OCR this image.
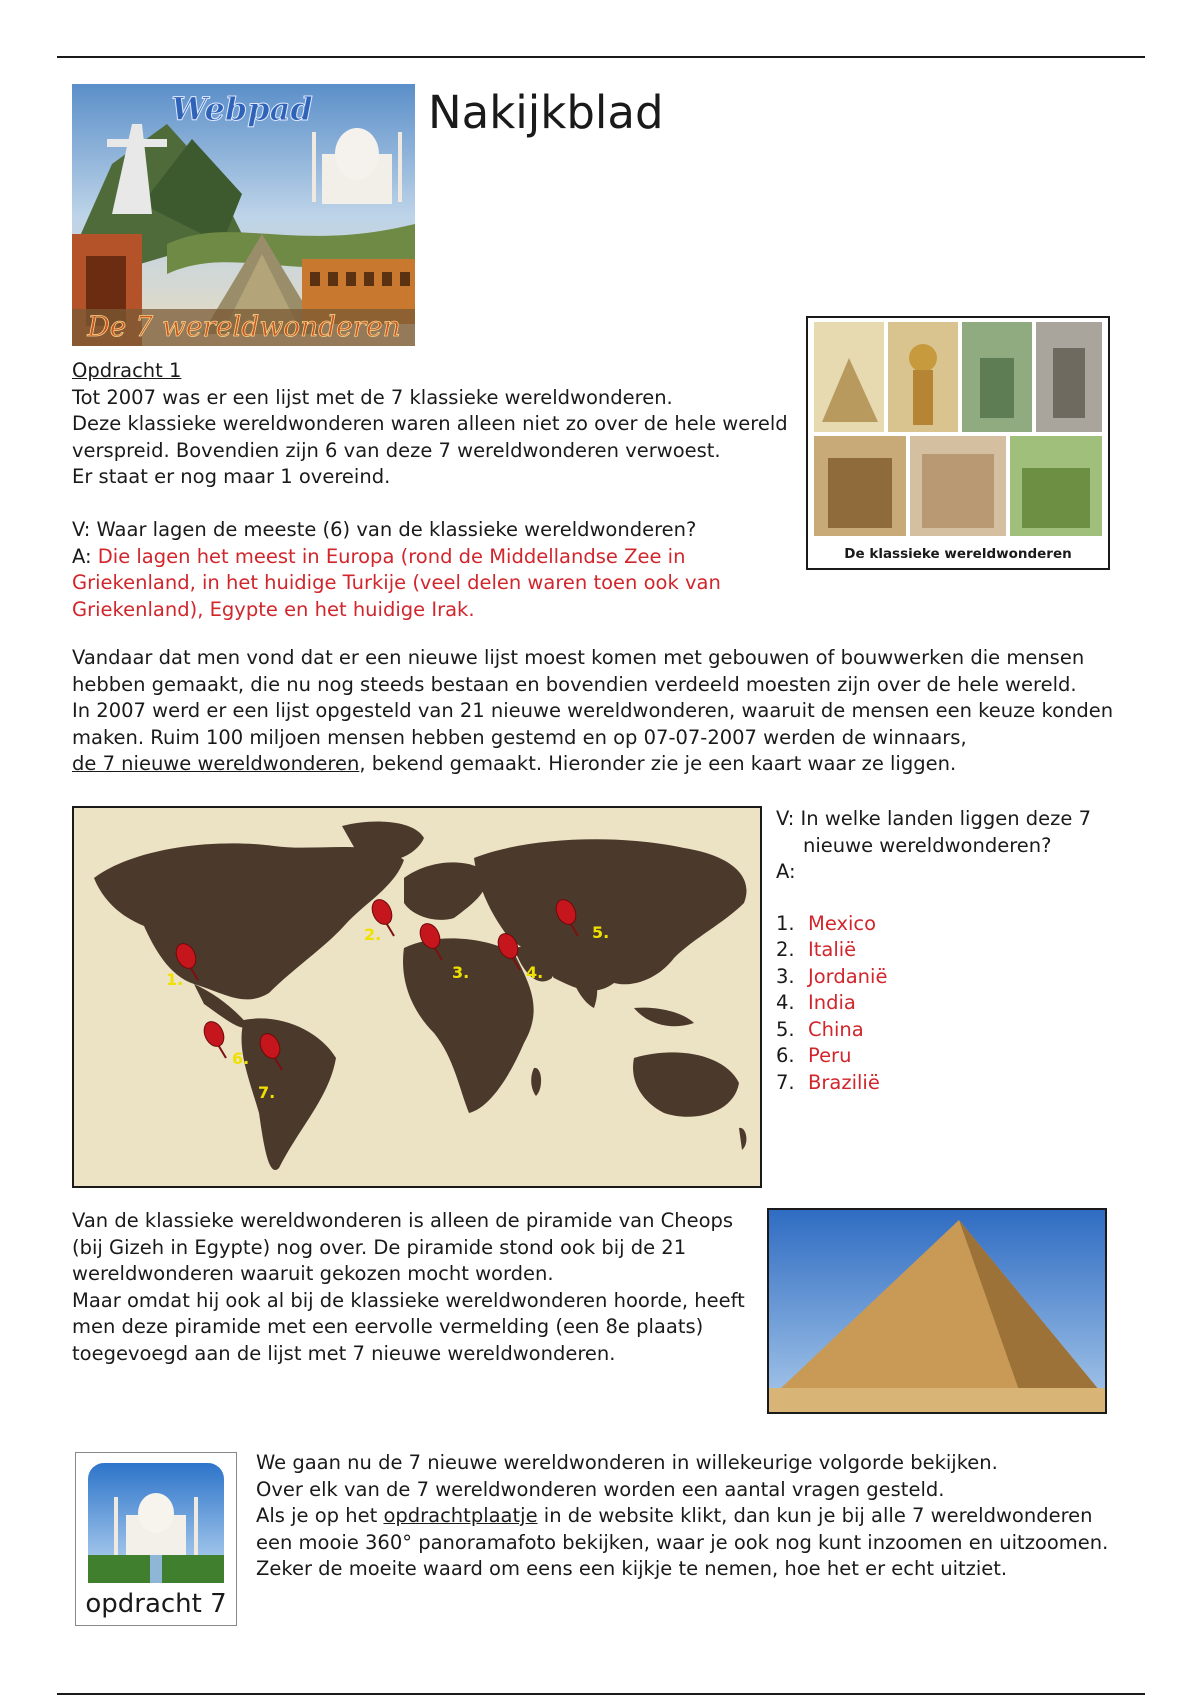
Webpad
De 7 wereldwonderen
Nakijkblad
De klassieke wereldwonderen

Opdracht 1

Tot 2007 was er een lijst met de 7 klassieke wereldwonderen.

Deze klassieke wereldwonderen waren alleen niet zo over de hele wereld

verspreid. Bovendien zijn 6 van deze 7 wereldwonderen verwoest.

Er staat er nog maar 1 overeind.

V: Waar lagen de meeste (6) van de klassieke wereldwonderen?

A: Die lagen het meest in Europa (rond de Middellandse Zee in

Griekenland, in het huidige Turkije (veel delen waren toen ook van

Griekenland), Egypte en het huidige Irak.

Vandaar dat men vond dat er een nieuwe lijst moest komen met gebouwen of bouwwerken die mensen

hebben gemaakt, die nu nog steeds bestaan en bovendien verdeeld moesten zijn over de hele wereld.

In 2007 werd er een lijst opgesteld van 21 nieuwe wereldwonderen, waaruit de mensen een keuze konden

maken. Ruim 100 miljoen mensen hebben gestemd en op 07-07-2007 werden de winnaars,

de 7 nieuwe wereldwonderen, bekend gemaakt. Hieronder zie je een kaart waar ze liggen.

1.
2.
3.	4.
5.
6.
7.

V: In welke landen liggen deze 7 nieuwe wereldwonderen?

A:

1. Mexico
2. Italië
3. Jordanië
4. India
5. China
6. Peru
7. Brazilië

Van de klassieke wereldwonderen is alleen de piramide van Cheops

(bij Gizeh in Egypte) nog over. De piramide stond ook bij de 21

wereldwonderen waaruit gekozen mocht worden.

Maar omdat hij ook al bij de klassieke wereldwonderen hoorde, heeft

men deze piramide met een eervolle vermelding (een 8e plaats)

toegevoegd aan de lijst met 7 nieuwe wereldwonderen.

opdracht 7

We gaan nu de 7 nieuwe wereldwonderen in willekeurige volgorde bekijken.

Over elk van de 7 wereldwonderen worden een aantal vragen gesteld.

Als je op het opdrachtplaatje in de website klikt, dan kun je bij alle 7 wereldwonderen

een mooie 360° panoramafoto bekijken, waar je ook nog kunt inzoomen en uitzoomen.

Zeker de moeite waard om eens een kijkje te nemen, hoe het er echt uitziet.
